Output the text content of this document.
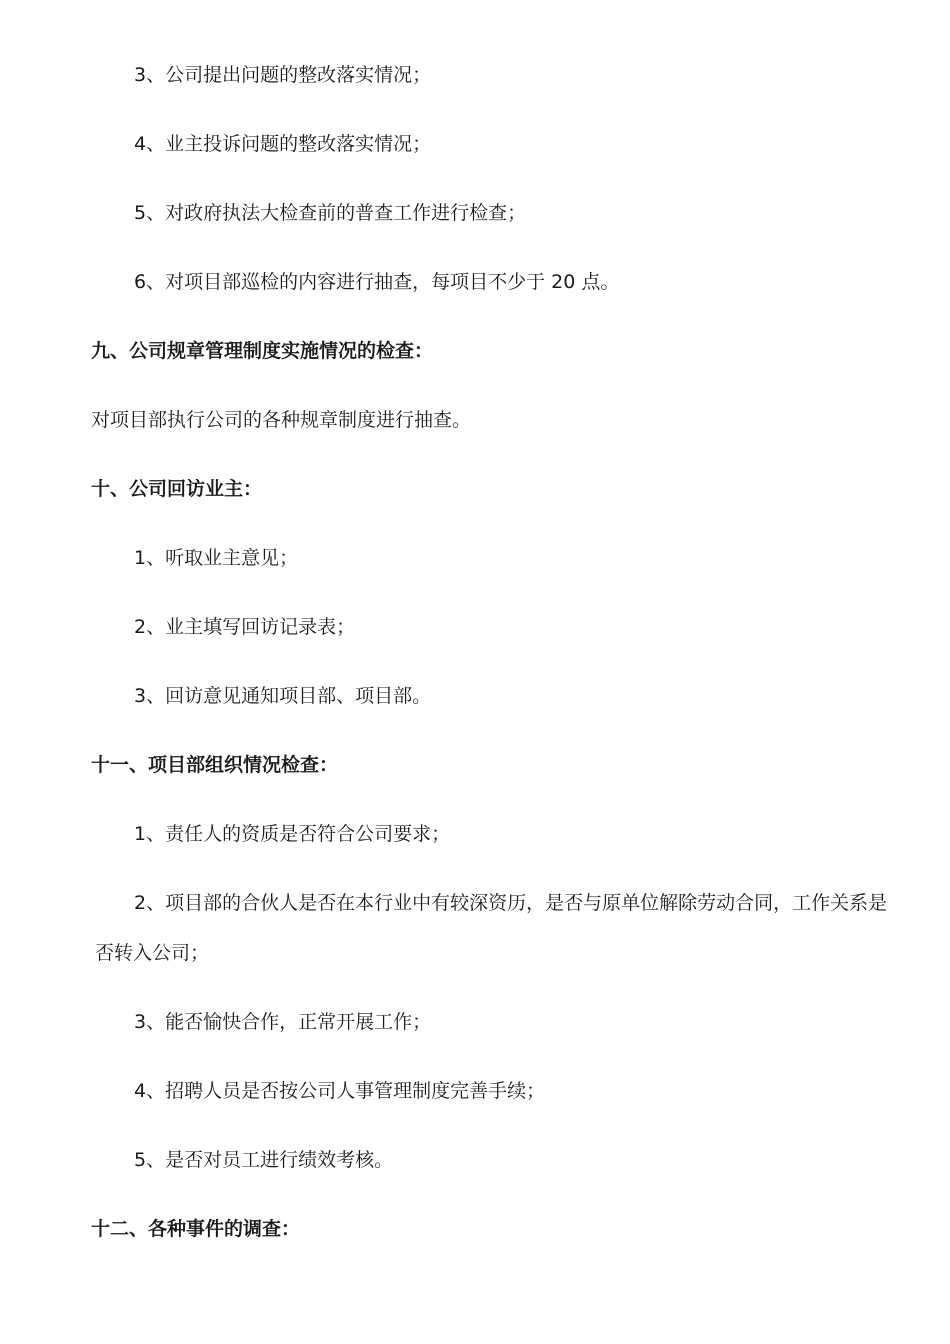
3、公司提出问题的整改落实情况；
4、业主投诉问题的整改落实情况；
5、对政府执法大检查前的普查工作进行检查；
6、对项目部巡检的内容进行抽查，每项目不少于 20 点。
九、公司规章管理制度实施情况的检查：
对项目部执行公司的各种规章制度进行抽查。
十、公司回访业主：
1、听取业主意见；
2、业主填写回访记录表；
3、回访意见通知项目部、项目部。
十一、项目部组织情况检查：
1、责任人的资质是否符合公司要求；
2、项目部的合伙人是否在本行业中有较深资历，是否与原单位解除劳动合同，工作关系是
否转入公司；
3、能否愉快合作，正常开展工作；
4、招聘人员是否按公司人事管理制度完善手续；
5、是否对员工进行绩效考核。
十二、各种事件的调查：
